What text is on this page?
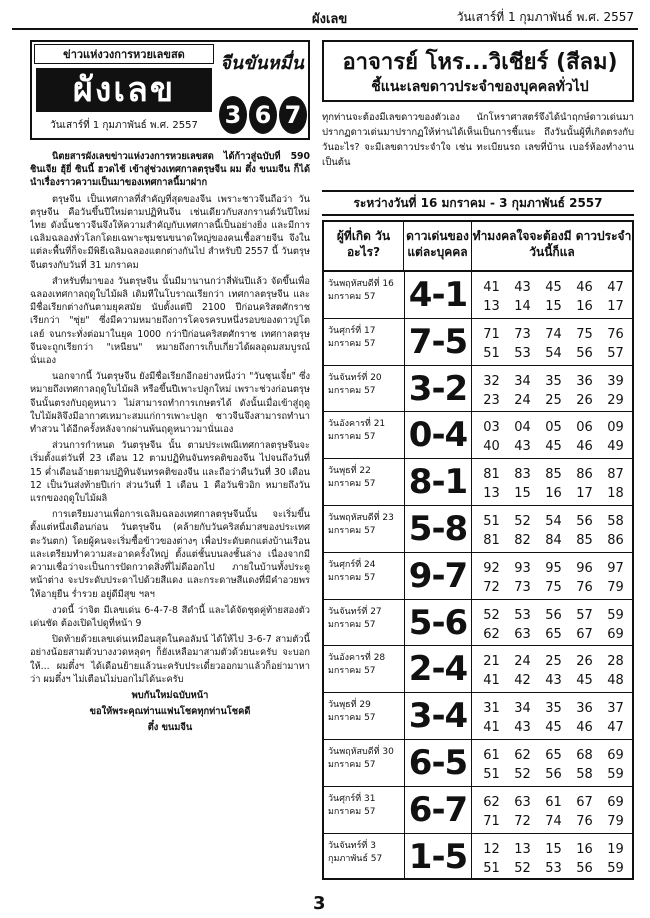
ผังเลข	วันเสาร์ที่ 1 กุมภาพันธ์ พ.ศ. 2557
ข่าวแห่งวงการหวยเลขสด
ผังเลข
วันเสาร์ที่ 1 กุมภาพันธ์ พ.ศ. 2557
จีนขันหมื่น
3 6 7

นิตยสารผังเลขข่าวแห่งวงการหวยเลขสด ได้ก้าวสู่ฉบับที่ 590 ชินเจีย ฮุ้ยี่ ซินนี้ ฮวดไช้ เข้าสู่ช่วงเทศกาลตรุษจีน ผม ตึ๋ง ขนมจีน ก็ได้นำเรื่องราวความเป็นมาของเทศกาลนี้มาฝาก

ตรุษจีน เป็นเทศกาลที่สำคัญที่สุดของจีน เพราะชาวจีนถือว่า วันตรุษจีน คือวันขึ้นปีใหม่ตามปฏิทินจีน เช่นเดียวกับสงกรานต์วันปีใหม่ไทย ดังนั้นชาวจีนจึงให้ความสำคัญกับเทศกาลนี้เป็นอย่างยิ่ง และมีการเฉลิมฉลองทั่วโลกโดยเฉพาะชุมชนขนาดใหญ่ของคนเชื้อสายจีน จึงในแต่ละพื้นที่ก็จะมีพิธีเฉลิมฉลองแตกต่างกันไป สำหรับปี 2557 นี้ วันตรุษจีนตรงกับวันที่ 31 มกราคม

สำหรับที่มาของ วันตรุษจีน นั้นมีมานานกว่าสี่พันปีแล้ว จัดขึ้นเพื่อฉลองเทศกาลฤดูใบไม้ผลิ เดิมทีในโบราณเรียกว่า เทศกาลตรุษจีน และมีชื่อเรียกต่างกันตามยุคสมัย นับตั้งแต่ปี 2100 ปีก่อนคริสตศักราช เรียกว่า "ซุ่ย" ซึ่งมีความหมายถึงการโคจรครบหนึ่งรอบของดาวปูโตเลย์ จนกระทั่งต่อมาในยุค 1000 กว่าปีก่อนคริสตศักราช เทศกาลตรุษจีนจะถูกเรียกว่า "เหนียน" หมายถึงการเก็บเกี่ยวได้ผลอุดมสมบูรณ์นั่นเอง

นอกจากนี้ วันตรุษจีน ยังมีชื่อเรียกอีกอย่างหนึ่งว่า "วันชุนเจี๋ย" ซึ่งหมายถึงเทศกาลฤดูใบไม้ผลิ หรือขึ้นปีเพาะปลูกใหม่ เพราะช่วงก่อนตรุษจีนนั้นตรงกับฤดูหนาว ไม่สามารถทำการเกษตรได้ ดังนั้นเมื่อเข้าสู่ฤดูใบไม้ผลิจึงมีอากาศเหมาะสมแก่การเพาะปลูก ชาวจีนจึงสามารถทำนา ทำสวน ได้อีกครั้งหลังจากผ่านพ้นฤดูหนาวมานั่นเอง

ส่วนการกำหนด วันตรุษจีน นั้น ตามประเพณีเทศกาลตรุษจีนจะเริ่มตั้งแต่วันที่ 23 เดือน 12 ตามปฏิทินจันทรคติของจีน ไปจนถึงวันที่ 15 ค่ำเดือนอ้ายตามปฏิทินจันทรคติของจีน และถือว่าคืนวันที่ 30 เดือน 12 เป็นวันส่งท้ายปีเก่า ส่วนวันที่ 1 เดือน 1 คือวันชิวอิก หมายถึงวันแรกของฤดูใบไม้ผลิ

การเตรียมงานเพื่อการเฉลิมฉลองเทศกาลตรุษจีนนั้น จะเริ่มขึ้นตั้งแต่หนึ่งเดือนก่อน วันตรุษจีน (คล้ายกับวันคริสต์มาสของประเทศตะวันตก) โดยผู้คนจะเริ่มซื้อข้าวของต่างๆ เพื่อประดับตกแต่งบ้านเรือน และเตรียมทำความสะอาดครั้งใหญ่ ตั้งแต่ชั้นบนลงชั้นล่าง เนื่องจากมีความเชื่อว่าจะเป็นการปัดกวาดสิ่งที่ไม่ดีออกไป ภายในบ้านทั้งประตู หน้าต่าง จะประดับประดาไปด้วยสีแดง และกระดาษสีแดงที่มีคำอวยพรให้อายุยืน ร่ำรวย อยู่ดีมีสุข ฯลฯ

งวดนี้ ว่าจิต มีเลขเด่น 6-4-7-8 สีดำนี้ และได้จัดชุดคู่ท้ายสองตัวเด่นชัด ต้องเปิดไปดูที่หน้า 9

ปิดท้ายด้วยเลขเด่นเหมือนสุดในคอลัมน์ ได้ให้ไป 3-6-7 สามตัวนี้อย่างน้อยสามตัวบางงวดหลุดๆ ก็ยังเหลือมาสามตัวด้วยนะครับ จะบอกให้... ผมตึ๋งฯ ได้เดือนย้ายแล้วนะครับประเดี๋ยวออกมาแล้วก็อย่ามาหาว่า ผมตึ๋งฯ ไม่เตือนไม่บอกไม่ได้นะครับ

พบกันใหม่ฉบับหน้า

ขอให้พระคุณท่านแฟนโชคทุกท่านโชคดี

ตึ๋ง ขนมจีน

อาจารย์ โหร...วิเชียร์ (สีลม)
ชี้แนะเลขดาวประจำของบุคคลทั่วไป
ทุกท่านจะต้องมีเลขดาวของตัวเอง นักโหราศาสตร์จึงได้นำฤกษ์ดาวเด่นมาปรากฏดาวเด่นมาปรากฏให้ท่านได้เห็นเป็นการชี้แนะ ถึงวันนั้นผู้ที่เกิดตรงกับวันอะไร? จะมีเลขดาวประจำใจ เช่น ทะเบียนรถ เลขที่บ้าน เบอร์ห้องทำงาน เป็นต้น
ระหว่างวันที่ 16 มกราคม - 3 กุมภาพันธ์ 2557
ผู้ที่เกิด วันอะไร?
ดาวเด่นของ แต่ละบุคคล
ทำมงคลใจจะต้องมี ดาวประจำวันนี้ก็แล
วันพฤหัสบดีที่ 16 มกราคม 57 4-1	41	43	45	46	47
13	14	15	16	17
วันศุกร์ที่ 17 มกราคม 57 7-5	71	73	74	75	76
51	53	54	56	57
วันจันทร์ที่ 20 มกราคม 57 3-2	32	34	35	36	39
23	24	25	26	29
วันอังคารที่ 21 มกราคม 57 0-4	03	04	05	06	09
40	43	45	46	49
วันพุธที่ 22 มกราคม 57 8-1	81	83	85	86	87
13	15	16	17	18
วันพฤหัสบดีที่ 23 มกราคม 57 5-8	51	52	54	56	58
81	82	84	85	86
วันศุกร์ที่ 24 มกราคม 57 9-7	92	93	95	96	97
72	73	75	76	79
วันจันทร์ที่ 27 มกราคม 57 5-6	52	53	56	57	59
62	63	65	67	69
วันอังคารที่ 28 มกราคม 57 2-4	21	24	25	26	28
41	42	43	45	48
วันพุธที่ 29 มกราคม 57 3-4	31	34	35	36	37
41	43	45	46	47
วันพฤหัสบดีที่ 30 มกราคม 57 6-5	61	62	65	68	69
51	52	56	58	59
วันศุกร์ที่ 31 มกราคม 57 6-7	62	63	61	67	69
71	72	74	76	79
วันจันทร์ที่ 3 กุมภาพันธ์ 57 1-5	12	13	15	16	19
51	52	53	56	59
3
